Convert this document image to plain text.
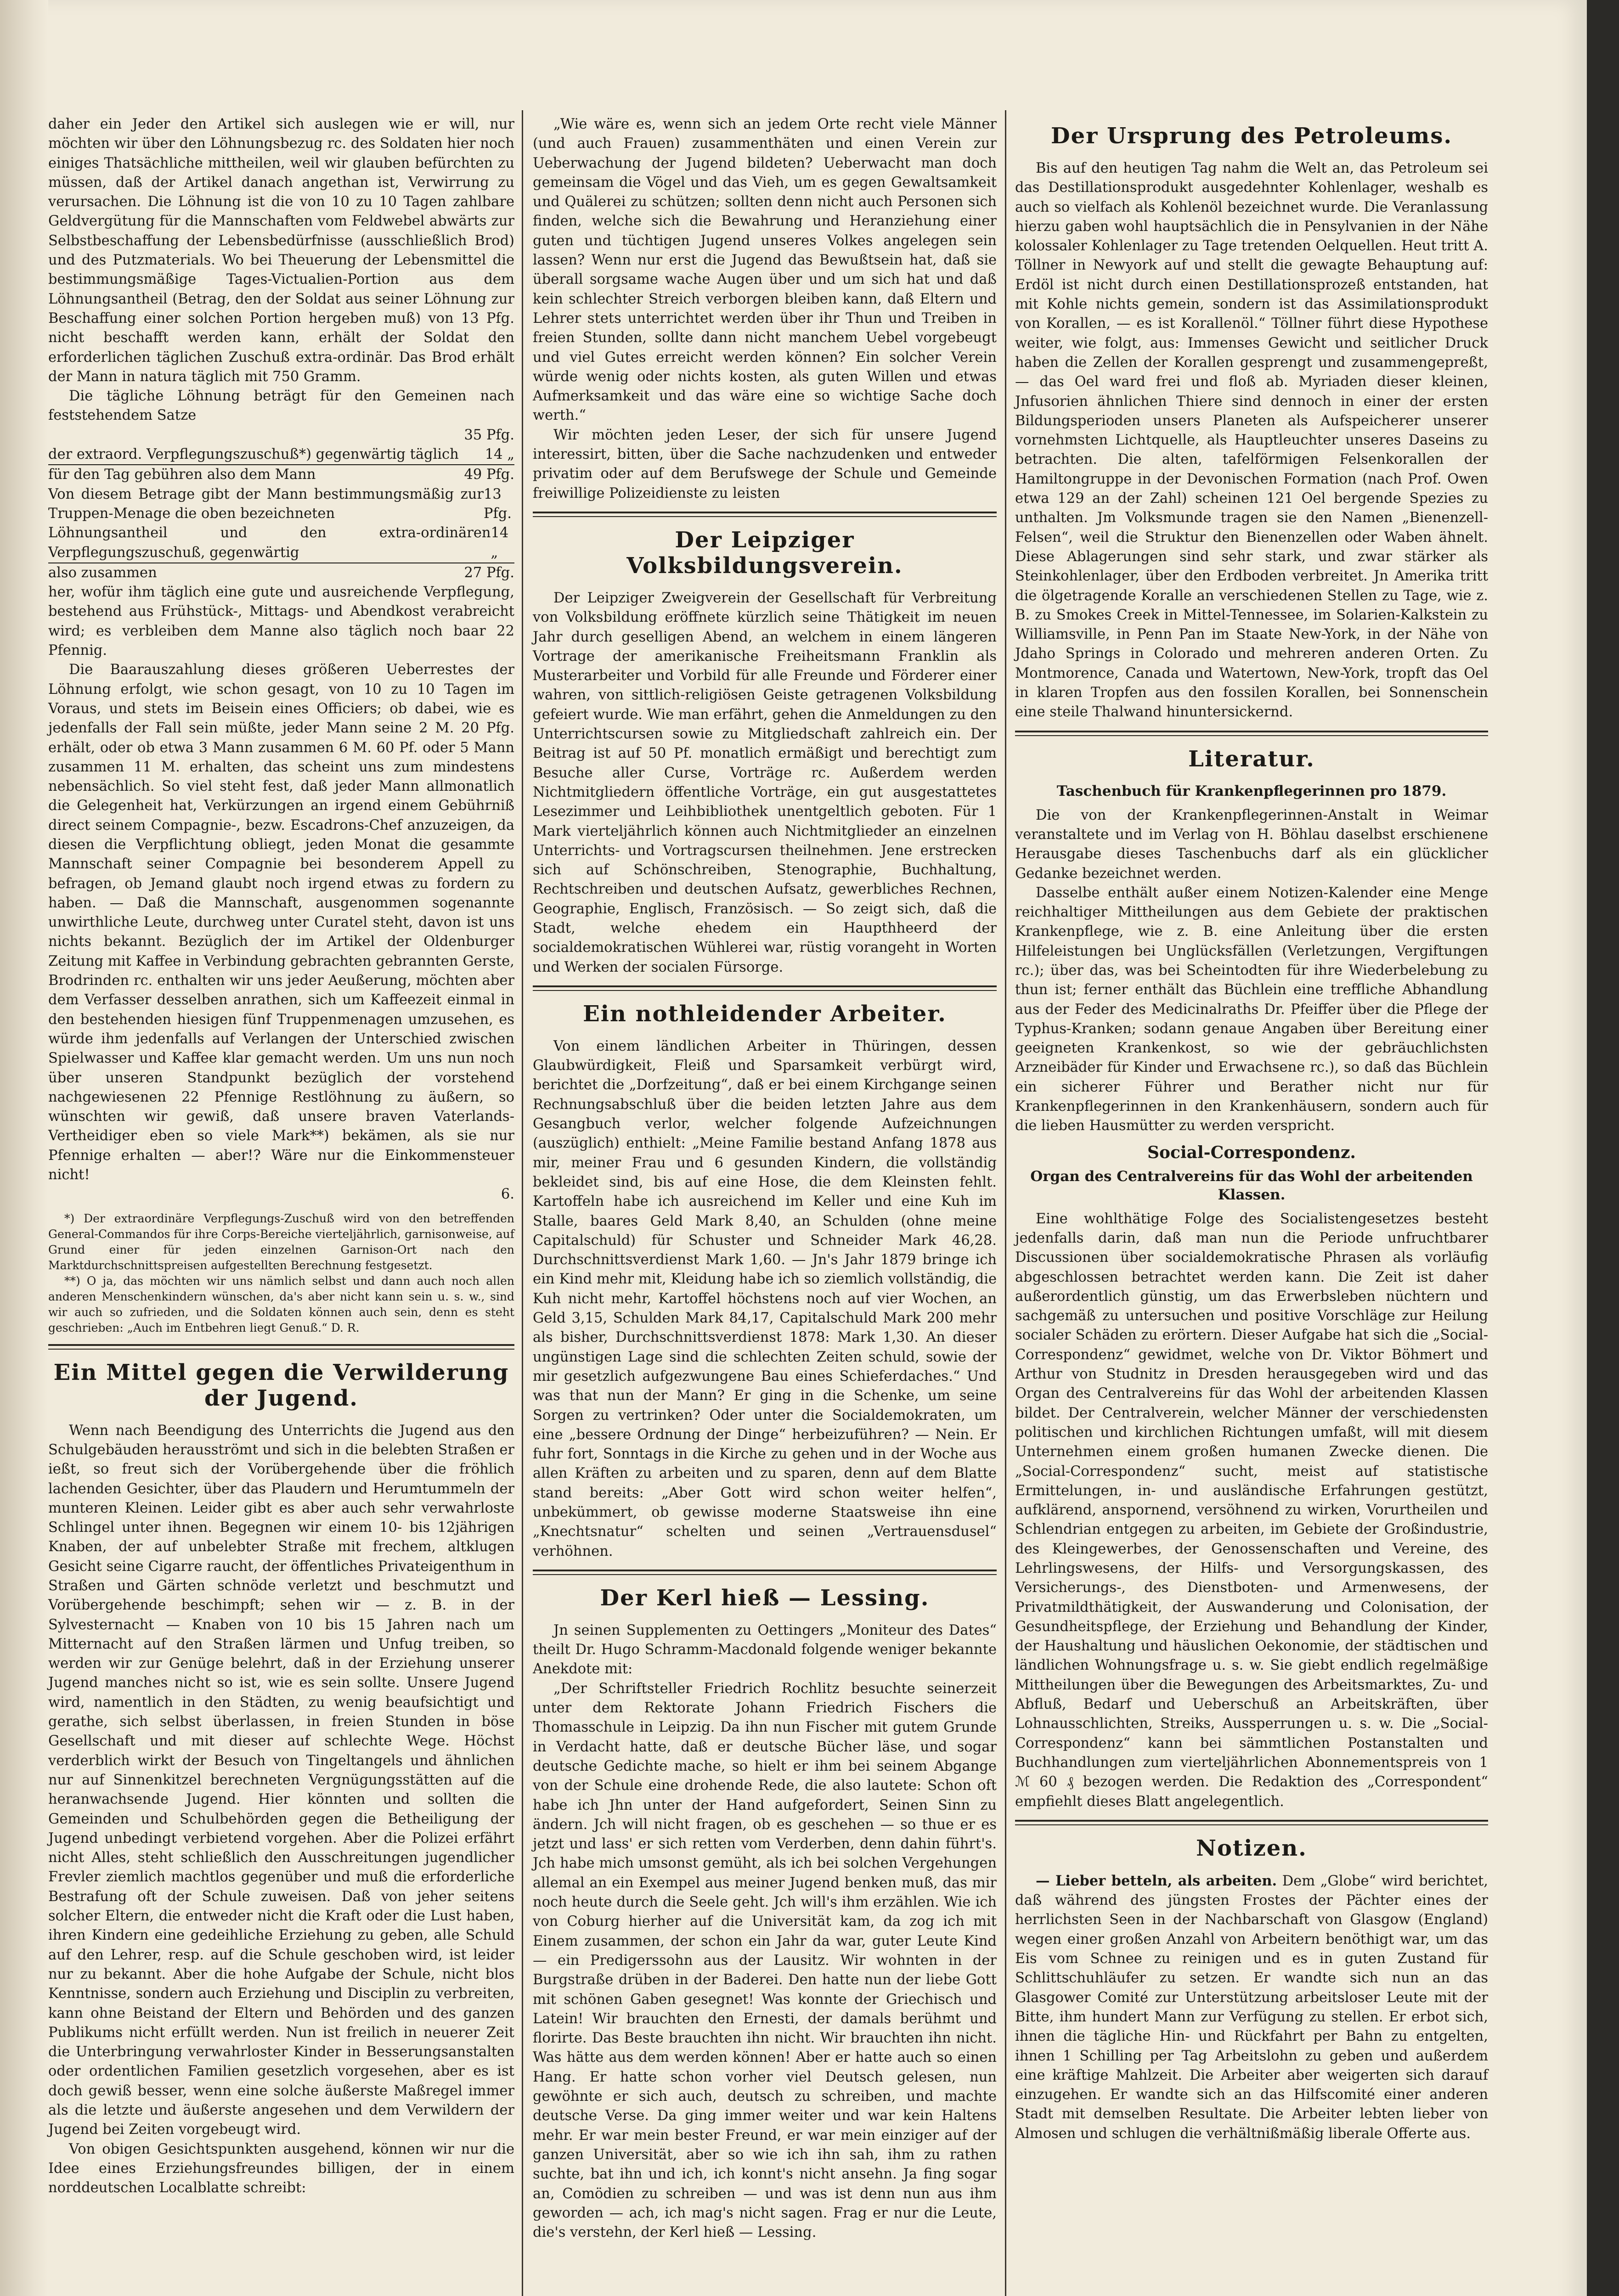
daher ein Jeder den Artikel sich auslegen wie er will, nur möchten wir über den Löhnungsbezug rc. des Soldaten hier noch einiges Thatsächliche mittheilen, weil wir glauben befürchten zu müssen, daß der Artikel danach angethan ist, Verwirrung zu verursachen. Die Löhnung ist die von 10 zu 10 Tagen zahlbare Geldvergütung für die Mannschaften vom Feldwebel abwärts zur Selbstbeschaffung der Lebensbedürfnisse (ausschließlich Brod) und des Putzmaterials. Wo bei Theuerung der Lebensmittel die bestimmungsmäßige Tages-Victualien-Portion aus dem Löhnungsantheil (Betrag, den der Soldat aus seiner Löhnung zur Beschaffung einer solchen Portion hergeben muß) von 13 Pfg. nicht beschafft werden kann, erhält der Soldat den erforderlichen täglichen Zuschuß extra-ordinär. Das Brod erhält der Mann in natura täglich mit 750 Gramm.

Die tägliche Löhnung beträgt für den Gemeinen nach feststehendem Satze

35 Pfg.
der extraord. Verpflegungszuschuß*) gegenwärtig täglich 14 „
für den Tag gebühren also dem Mann	49 Pfg.
Von diesem Betrage gibt der Mann bestimmungsmäßig zur Truppen-Menage die oben bezeichneten
13 Pfg.
Löhnungsantheil und den extra-ordinären Verpflegungszuschuß, gegenwärtig
14 „
also zusammen	27 Pfg.

her, wofür ihm täglich eine gute und ausreichende Verpflegung, bestehend aus Frühstück-, Mittags- und Abendkost verabreicht wird; es verbleiben dem Manne also täglich noch baar 22 Pfennig.

Die Baarauszahlung dieses größeren Ueberrestes der Löhnung erfolgt, wie schon gesagt, von 10 zu 10 Tagen im Voraus, und stets im Beisein eines Officiers; ob dabei, wie es jedenfalls der Fall sein müßte, jeder Mann seine 2 M. 20 Pfg. erhält, oder ob etwa 3 Mann zusammen 6 M. 60 Pf. oder 5 Mann zusammen 11 M. erhalten, das scheint uns zum mindestens nebensächlich. So viel steht fest, daß jeder Mann allmonatlich die Gelegenheit hat, Verkürzungen an irgend einem Gebührniß direct seinem Compagnie-, bezw. Escadrons-Chef anzuzeigen, da diesen die Verpflichtung obliegt, jeden Monat die gesammte Mannschaft seiner Compagnie bei besonderem Appell zu befragen, ob Jemand glaubt noch irgend etwas zu fordern zu haben. — Daß die Mannschaft, ausgenommen sogenannte unwirthliche Leute, durchweg unter Curatel steht, davon ist uns nichts bekannt. Bezüglich der im Artikel der Oldenburger Zeitung mit Kaffee in Verbindung gebrachten gebrannten Gerste, Brodrinden rc. enthalten wir uns jeder Aeußerung, möchten aber dem Verfasser desselben anrathen, sich um Kaffeezeit einmal in den bestehenden hiesigen fünf Truppenmenagen umzusehen, es würde ihm jedenfalls auf Verlangen der Unterschied zwischen Spielwasser und Kaffee klar gemacht werden. Um uns nun noch über unseren Standpunkt bezüglich der vorstehend nachgewiesenen 22 Pfennige Restlöhnung zu äußern, so wünschten wir gewiß, daß unsere braven Vaterlands-Vertheidiger eben so viele Mark**) bekämen, als sie nur Pfennige erhalten — aber!? Wäre nur die Einkommensteuer nicht!

6.

*) Der extraordinäre Verpflegungs-Zuschuß wird von den betreffenden General-Commandos für ihre Corps-Bereiche vierteljährlich, garnisonweise, auf Grund einer für jeden einzelnen Garnison-Ort nach den Marktdurchschnittspreisen aufgestellten Berechnung festgesetzt.

**) O ja, das möchten wir uns nämlich selbst und dann auch noch allen anderen Menschenkindern wünschen, da's aber nicht kann sein u. s. w., sind wir auch so zufrieden, und die Soldaten können auch sein, denn es steht geschrieben: „Auch im Entbehren liegt Genuß.“ D. R.

Ein Mittel gegen die Verwilderung der Jugend.

Wenn nach Beendigung des Unterrichts die Jugend aus den Schulgebäuden herausströmt und sich in die belebten Straßen er ießt, so freut sich der Vorübergehende über die fröhlich lachenden Gesichter, über das Plaudern und Herumtummeln der munteren Kleinen. Leider gibt es aber auch sehr verwahrloste Schlingel unter ihnen. Begegnen wir einem 10- bis 12jährigen Knaben, der auf unbelebter Straße mit frechem, altklugen Gesicht seine Cigarre raucht, der öffentliches Privateigenthum in Straßen und Gärten schnöde verletzt und beschmutzt und Vorübergehende beschimpft; sehen wir — z. B. in der Sylvesternacht — Knaben von 10 bis 15 Jahren nach um Mitternacht auf den Straßen lärmen und Unfug treiben, so werden wir zur Genüge belehrt, daß in der Erziehung unserer Jugend manches nicht so ist, wie es sein sollte. Unsere Jugend wird, namentlich in den Städten, zu wenig beaufsichtigt und gerathe, sich selbst überlassen, in freien Stunden in böse Gesellschaft und mit dieser auf schlechte Wege. Höchst verderblich wirkt der Besuch von Tingeltangels und ähnlichen nur auf Sinnenkitzel berechneten Vergnügungsstätten auf die heranwachsende Jugend. Hier könnten und sollten die Gemeinden und Schulbehörden gegen die Betheiligung der Jugend unbedingt verbietend vorgehen. Aber die Polizei erfährt nicht Alles, steht schließlich den Ausschreitungen jugendlicher Frevler ziemlich machtlos gegenüber und muß die erforderliche Bestrafung oft der Schule zuweisen. Daß von jeher seitens solcher Eltern, die entweder nicht die Kraft oder die Lust haben, ihren Kindern eine gedeihliche Erziehung zu geben, alle Schuld auf den Lehrer, resp. auf die Schule geschoben wird, ist leider nur zu bekannt. Aber die hohe Aufgabe der Schule, nicht blos Kenntnisse, sondern auch Erziehung und Disciplin zu verbreiten, kann ohne Beistand der Eltern und Behörden und des ganzen Publikums nicht erfüllt werden. Nun ist freilich in neuerer Zeit die Unterbringung verwahrloster Kinder in Besserungsanstalten oder ordentlichen Familien gesetzlich vorgesehen, aber es ist doch gewiß besser, wenn eine solche äußerste Maßregel immer als die letzte und äußerste angesehen und dem Verwildern der Jugend bei Zeiten vorgebeugt wird.

Von obigen Gesichtspunkten ausgehend, können wir nur die Idee eines Erziehungsfreundes billigen, der in einem norddeutschen Localblatte schreibt:

„Wie wäre es, wenn sich an jedem Orte recht viele Männer (und auch Frauen) zusammenthäten und einen Verein zur Ueberwachung der Jugend bildeten? Ueberwacht man doch gemeinsam die Vögel und das Vieh, um es gegen Gewaltsamkeit und Quälerei zu schützen; sollten denn nicht auch Personen sich finden, welche sich die Bewahrung und Heranziehung einer guten und tüchtigen Jugend unseres Volkes angelegen sein lassen? Wenn nur erst die Jugend das Bewußtsein hat, daß sie überall sorgsame wache Augen über und um sich hat und daß kein schlechter Streich verborgen bleiben kann, daß Eltern und Lehrer stets unterrichtet werden über ihr Thun und Treiben in freien Stunden, sollte dann nicht manchem Uebel vorgebeugt und viel Gutes erreicht werden können? Ein solcher Verein würde wenig oder nichts kosten, als guten Willen und etwas Aufmerksamkeit und das wäre eine so wichtige Sache doch werth.“

Wir möchten jeden Leser, der sich für unsere Jugend interessirt, bitten, über die Sache nachzudenken und entweder privatim oder auf dem Berufswege der Schule und Gemeinde freiwillige Polizeidienste zu leisten

Der Leipziger Volksbildungsverein.

Der Leipziger Zweigverein der Gesellschaft für Verbreitung von Volksbildung eröffnete kürzlich seine Thätigkeit im neuen Jahr durch geselligen Abend, an welchem in einem längeren Vortrage der amerikanische Freiheitsmann Franklin als Musterarbeiter und Vorbild für alle Freunde und Förderer einer wahren, von sittlich-religiösen Geiste getragenen Volksbildung gefeiert wurde. Wie man erfährt, gehen die Anmeldungen zu den Unterrichtscursen sowie zu Mitgliedschaft zahlreich ein. Der Beitrag ist auf 50 Pf. monatlich ermäßigt und berechtigt zum Besuche aller Curse, Vorträge rc. Außerdem werden Nichtmitgliedern öffentliche Vorträge, ein gut ausgestattetes Lesezimmer und Leihbibliothek unentgeltlich geboten. Für 1 Mark vierteljährlich können auch Nichtmitglieder an einzelnen Unterrichts- und Vortragscursen theilnehmen. Jene erstrecken sich auf Schönschreiben, Stenographie, Buchhaltung, Rechtschreiben und deutschen Aufsatz, gewerbliches Rechnen, Geographie, Englisch, Französisch. — So zeigt sich, daß die Stadt, welche ehedem ein Haupthheerd der socialdemokratischen Wühlerei war, rüstig vorangeht in Worten und Werken der socialen Fürsorge.

Ein nothleidender Arbeiter.

Von einem ländlichen Arbeiter in Thüringen, dessen Glaubwürdigkeit, Fleiß und Sparsamkeit verbürgt wird, berichtet die „Dorfzeitung“, daß er bei einem Kirchgange seinen Rechnungsabschluß über die beiden letzten Jahre aus dem Gesangbuch verlor, welcher folgende Aufzeichnungen (auszüglich) enthielt: „Meine Familie bestand Anfang 1878 aus mir, meiner Frau und 6 gesunden Kindern, die vollständig bekleidet sind, bis auf eine Hose, die dem Kleinsten fehlt. Kartoffeln habe ich ausreichend im Keller und eine Kuh im Stalle, baares Geld Mark 8,40, an Schulden (ohne meine Capitalschuld) für Schuster und Schneider Mark 46,28. Durchschnittsverdienst Mark 1,60. — Jn's Jahr 1879 bringe ich ein Kind mehr mit, Kleidung habe ich so ziemlich vollständig, die Kuh nicht mehr, Kartoffel höchstens noch auf vier Wochen, an Geld 3,15, Schulden Mark 84,17, Capitalschuld Mark 200 mehr als bisher, Durchschnittsverdienst 1878: Mark 1,30. An dieser ungünstigen Lage sind die schlechten Zeiten schuld, sowie der mir gesetzlich aufgezwungene Bau eines Schieferdaches.“ Und was that nun der Mann? Er ging in die Schenke, um seine Sorgen zu vertrinken? Oder unter die Socialdemokraten, um eine „bessere Ordnung der Dinge“ herbeizuführen? — Nein. Er fuhr fort, Sonntags in die Kirche zu gehen und in der Woche aus allen Kräften zu arbeiten und zu sparen, denn auf dem Blatte stand bereits: „Aber Gott wird schon weiter helfen“, unbekümmert, ob gewisse moderne Staatsweise ihn eine „Knechtsnatur“ schelten und seinen „Vertrauensdusel“ verhöhnen.

Der Kerl hieß — Lessing.

Jn seinen Supplementen zu Oettingers „Moniteur des Dates“ theilt Dr. Hugo Schramm-Macdonald folgende weniger bekannte Anekdote mit:

„Der Schriftsteller Friedrich Rochlitz besuchte seinerzeit unter dem Rektorate Johann Friedrich Fischers die Thomasschule in Leipzig. Da ihn nun Fischer mit gutem Grunde in Verdacht hatte, daß er deutsche Bücher läse, und sogar deutsche Gedichte mache, so hielt er ihm bei seinem Abgange von der Schule eine drohende Rede, die also lautete: Schon oft habe ich Jhn unter der Hand aufgefordert, Seinen Sinn zu ändern. Jch will nicht fragen, ob es geschehen — so thue er es jetzt und lass' er sich retten vom Verderben, denn dahin führt's. Jch habe mich umsonst gemüht, als ich bei solchen Vergehungen allemal an ein Exempel aus meiner Jugend benken muß, das mir noch heute durch die Seele geht. Jch will's ihm erzählen. Wie ich von Coburg hierher auf die Universität kam, da zog ich mit Einem zusammen, der schon ein Jahr da war, guter Leute Kind — ein Predigerssohn aus der Lausitz. Wir wohnten in der Burgstraße drüben in der Baderei. Den hatte nun der liebe Gott mit schönen Gaben gesegnet! Was konnte der Griechisch und Latein! Wir brauchten den Ernesti, der damals berühmt und florirte. Das Beste brauchten ihn nicht. Wir brauchten ihn nicht. Was hätte aus dem werden können! Aber er hatte auch so einen Hang. Er hatte schon vorher viel Deutsch gelesen, nun gewöhnte er sich auch, deutsch zu schreiben, und machte deutsche Verse. Da ging immer weiter und war kein Haltens mehr. Er war mein bester Freund, er war mein einziger auf der ganzen Universität, aber so wie ich ihn sah, ihm zu rathen suchte, bat ihn und ich, ich konnt's nicht ansehn. Ja fing sogar an, Comödien zu schreiben — und was ist denn nun aus ihm geworden — ach, ich mag's nicht sagen. Frag er nur die Leute, die's verstehn, der Kerl hieß — Lessing.

Der Ursprung des Petroleums.

Bis auf den heutigen Tag nahm die Welt an, das Petroleum sei das Destillationsprodukt ausgedehnter Kohlenlager, weshalb es auch so vielfach als Kohlenöl bezeichnet wurde. Die Veranlassung hierzu gaben wohl hauptsächlich die in Pensylvanien in der Nähe kolossaler Kohlenlager zu Tage tretenden Oelquellen. Heut tritt A. Töllner in Newyork auf und stellt die gewagte Behauptung auf: Erdöl ist nicht durch einen Destillationsprozeß entstanden, hat mit Kohle nichts gemein, sondern ist das Assimilationsprodukt von Korallen, — es ist Korallenöl.“ Töllner führt diese Hypothese weiter, wie folgt, aus: Immenses Gewicht und seitlicher Druck haben die Zellen der Korallen gesprengt und zusammengepreßt, — das Oel ward frei und floß ab. Myriaden dieser kleinen, Jnfusorien ähnlichen Thiere sind dennoch in einer der ersten Bildungsperioden unsers Planeten als Aufspeicherer unserer vornehmsten Lichtquelle, als Hauptleuchter unseres Daseins zu betrachten. Die alten, tafelförmigen Felsenkorallen der Hamiltongruppe in der Devonischen Formation (nach Prof. Owen etwa 129 an der Zahl) scheinen 121 Oel bergende Spezies zu unthalten. Jm Volksmunde tragen sie den Namen „Bienenzell-Felsen“, weil die Struktur den Bienenzellen oder Waben ähnelt. Diese Ablagerungen sind sehr stark, und zwar stärker als Steinkohlenlager, über den Erdboden verbreitet. Jn Amerika tritt die ölgetragende Koralle an verschiedenen Stellen zu Tage, wie z. B. zu Smokes Creek in Mittel-Tennessee, im Solarien-Kalkstein zu Williamsville, in Penn Pan im Staate New-York, in der Nähe von Jdaho Springs in Colorado und mehreren anderen Orten. Zu Montmorence, Canada und Watertown, New-York, tropft das Oel in klaren Tropfen aus den fossilen Korallen, bei Sonnenschein eine steile Thalwand hinuntersickernd.

Literatur.
Taschenbuch für Krankenpflegerinnen pro 1879.

Die von der Krankenpflegerinnen-Anstalt in Weimar veranstaltete und im Verlag von H. Böhlau daselbst erschienene Herausgabe dieses Taschenbuchs darf als ein glücklicher Gedanke bezeichnet werden.

Dasselbe enthält außer einem Notizen-Kalender eine Menge reichhaltiger Mittheilungen aus dem Gebiete der praktischen Krankenpflege, wie z. B. eine Anleitung über die ersten Hilfeleistungen bei Unglücksfällen (Verletzungen, Vergiftungen rc.); über das, was bei Scheintodten für ihre Wiederbelebung zu thun ist; ferner enthält das Büchlein eine treffliche Abhandlung aus der Feder des Medicinalraths Dr. Pfeiffer über die Pflege der Typhus-Kranken; sodann genaue Angaben über Bereitung einer geeigneten Krankenkost, so wie der gebräuchlichsten Arzneibäder für Kinder und Erwachsene rc.), so daß das Büchlein ein sicherer Führer und Berather nicht nur für Krankenpflegerinnen in den Krankenhäusern, sondern auch für die lieben Hausmütter zu werden verspricht.

Social-Correspondenz.
Organ des Centralvereins für das Wohl der arbeitenden Klassen.

Eine wohlthätige Folge des Socialistengesetzes besteht jedenfalls darin, daß man nun die Periode unfruchtbarer Discussionen über socialdemokratische Phrasen als vorläufig abgeschlossen betrachtet werden kann. Die Zeit ist daher außerordentlich günstig, um das Erwerbsleben nüchtern und sachgemäß zu untersuchen und positive Vorschläge zur Heilung socialer Schäden zu erörtern. Dieser Aufgabe hat sich die „Social-Correspondenz“ gewidmet, welche von Dr. Viktor Böhmert und Arthur von Studnitz in Dresden herausgegeben wird und das Organ des Centralvereins für das Wohl der arbeitenden Klassen bildet. Der Centralverein, welcher Männer der verschiedensten politischen und kirchlichen Richtungen umfaßt, will mit diesem Unternehmen einem großen humanen Zwecke dienen. Die „Social-Correspondenz“ sucht, meist auf statistische Ermittelungen, in- und ausländische Erfahrungen gestützt, aufklärend, anspornend, versöhnend zu wirken, Vorurtheilen und Schlendrian entgegen zu arbeiten, im Gebiete der Großindustrie, des Kleingewerbes, der Genossenschaften und Vereine, des Lehrlingswesens, der Hilfs- und Versorgungskassen, des Versicherungs-, des Dienstboten- und Armenwesens, der Privatmildthätigkeit, der Auswanderung und Colonisation, der Gesundheitspflege, der Erziehung und Behandlung der Kinder, der Haushaltung und häuslichen Oekonomie, der städtischen und ländlichen Wohnungsfrage u. s. w. Sie giebt endlich regelmäßige Mittheilungen über die Bewegungen des Arbeitsmarktes, Zu- und Abfluß, Bedarf und Ueberschuß an Arbeitskräften, über Lohnausschlichten, Streiks, Aussperrungen u. s. w. Die „Social-Correspondenz“ kann bei sämmtlichen Postanstalten und Buchhandlungen zum vierteljährlichen Abonnementspreis von 1 ℳ 60 ₰ bezogen werden. Die Redaktion des „Correspondent“ empfiehlt dieses Blatt angelegentlich.

Notizen.

— Lieber betteln, als arbeiten. Dem „Globe“ wird berichtet, daß während des jüngsten Frostes der Pächter eines der herrlichsten Seen in der Nachbarschaft von Glasgow (England) wegen einer großen Anzahl von Arbeitern benöthigt war, um das Eis vom Schnee zu reinigen und es in guten Zustand für Schlittschuhläufer zu setzen. Er wandte sich nun an das Glasgower Comité zur Unterstützung arbeitsloser Leute mit der Bitte, ihm hundert Mann zur Verfügung zu stellen. Er erbot sich, ihnen die tägliche Hin- und Rückfahrt per Bahn zu entgelten, ihnen 1 Schilling per Tag Arbeitslohn zu geben und außerdem eine kräftige Mahlzeit. Die Arbeiter aber weigerten sich darauf einzugehen. Er wandte sich an das Hilfscomité einer anderen Stadt mit demselben Resultate. Die Arbeiter lebten lieber von Almosen und schlugen die verhältnißmäßig liberale Offerte aus.
